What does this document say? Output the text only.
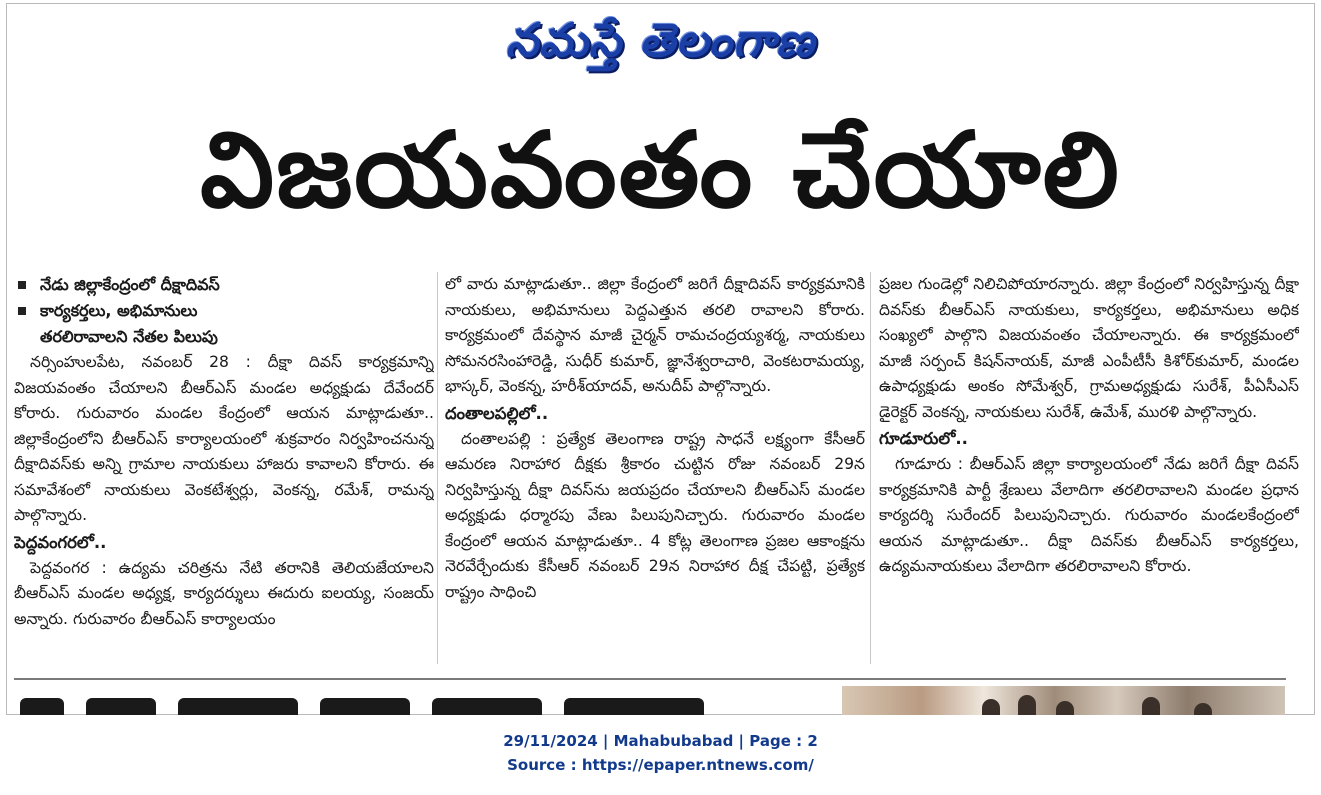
నమస్తే తెలంగాణ
విజయవంతం చేయాలి
నేడు జిల్లాకేంద్రంలో దీక్షాదివస్
కార్యకర్తలు, అభిమానులు
తరలిరావాలని నేతల పిలుపు

నర్సింహులపేట, నవంబర్ 28 : దీక్షా దివస్ కార్యక్రమాన్ని విజయవంతం చేయాలని బీఆర్ఎస్ మండల అధ్యక్షుడు దేవేందర్ కోరారు. గురువారం మండల కేంద్రంలో ఆయన మాట్లాడుతూ.. జిల్లాకేంద్రంలోని బీఆర్ఎస్ కార్యాలయంలో శుక్రవారం నిర్వహించనున్న దీక్షాదివస్‌కు అన్ని గ్రామాల నాయకులు హాజరు కావాలని కోరారు. ఈ సమావేశంలో నాయకులు వెంకటేశ్వర్లు, వెంకన్న, రమేశ్, రామన్న పాల్గొన్నారు.

పెద్దవంగరలో..

పెద్దవంగర : ఉద్యమ చరిత్రను నేటి తరానికి తెలియజేయాలని బీఆర్ఎస్ మండల అధ్యక్ష, కార్యదర్శులు ఈదురు ఐలయ్య, సంజయ్ అన్నారు. గురువారం బీఆర్ఎస్ కార్యాలయం

లో వారు మాట్లాడుతూ.. జిల్లా కేంద్రంలో జరిగే దీక్షాదివస్ కార్యక్రమానికి నాయకులు, అభిమానులు పెద్దఎత్తున తరలి రావాలని కోరారు. కార్యక్రమంలో దేవస్థాన మాజీ చైర్మన్ రామచంద్రయ్యశర్మ, నాయకులు సోమనరసింహారెడ్డి, సుధీర్ కుమార్, జ్ఞానేశ్వరాచారి, వెంకటరామయ్య, భాస్కర్, వెంకన్న, హరీశ్‌యాదవ్, అనుదీప్ పాల్గొన్నారు.

దంతాలపల్లిలో..

దంతాలపల్లి : ప్రత్యేక తెలంగాణ రాష్ట్ర సాధనే లక్ష్యంగా కేసీఆర్ ఆమరణ నిరాహార దీక్షకు శ్రీకారం చుట్టిన రోజు నవంబర్ 29న నిర్వహిస్తున్న దీక్షా దివస్‌ను జయప్రదం చేయాలని బీఆర్ఎస్ మండల అధ్యక్షుడు ధర్మారపు వేణు పిలుపునిచ్చారు. గురువారం మండల కేంద్రంలో ఆయన మాట్లాడుతూ.. 4 కోట్ల తెలంగాణ ప్రజల ఆకాంక్షను నెరవేర్చేందుకు కేసీఆర్ నవంబర్ 29న నిరాహార దీక్ష చేపట్టి, ప్రత్యేక రాష్ట్రం సాధించి

ప్రజల గుండెల్లో నిలిచిపోయారన్నారు. జిల్లా కేంద్రంలో నిర్వహిస్తున్న దీక్షా దివస్‌కు బీఆర్ఎస్ నాయకులు, కార్యకర్తలు, అభిమానులు అధిక సంఖ్యలో పాల్గొని విజయవంతం చేయాలన్నారు. ఈ కార్యక్రమంలో మాజీ సర్పంచ్ కిషన్‌నాయక్, మాజీ ఎంపీటీసీ కిశోర్‌కుమార్, మండల ఉపాధ్యక్షుడు అంకం సోమేశ్వర్, గ్రామఅధ్యక్షుడు సురేశ్, పీఏసీఎస్ డైరెక్టర్ వెంకన్న, నాయకులు సురేశ్, ఉమేశ్, మురళి పాల్గొన్నారు.

గూడూరులో..

గూడూరు : బీఆర్ఎస్ జిల్లా కార్యాలయంలో నేడు జరిగే దీక్షా దివస్ కార్యక్రమానికి పార్టీ శ్రేణులు వేలాదిగా తరలిరావాలని మండల ప్రధాన కార్యదర్శి సురేందర్ పిలుపునిచ్చారు. గురువారం మండలకేంద్రంలో ఆయన మాట్లాడుతూ.. దీక్షా దివస్‌కు బీఆర్ఎస్ కార్యకర్తలు, ఉద్యమనాయకులు వేలాదిగా తరలిరావాలని కోరారు.

29/11/2024 | Mahabubabad | Page : 2
Source : https://epaper.ntnews.com/
